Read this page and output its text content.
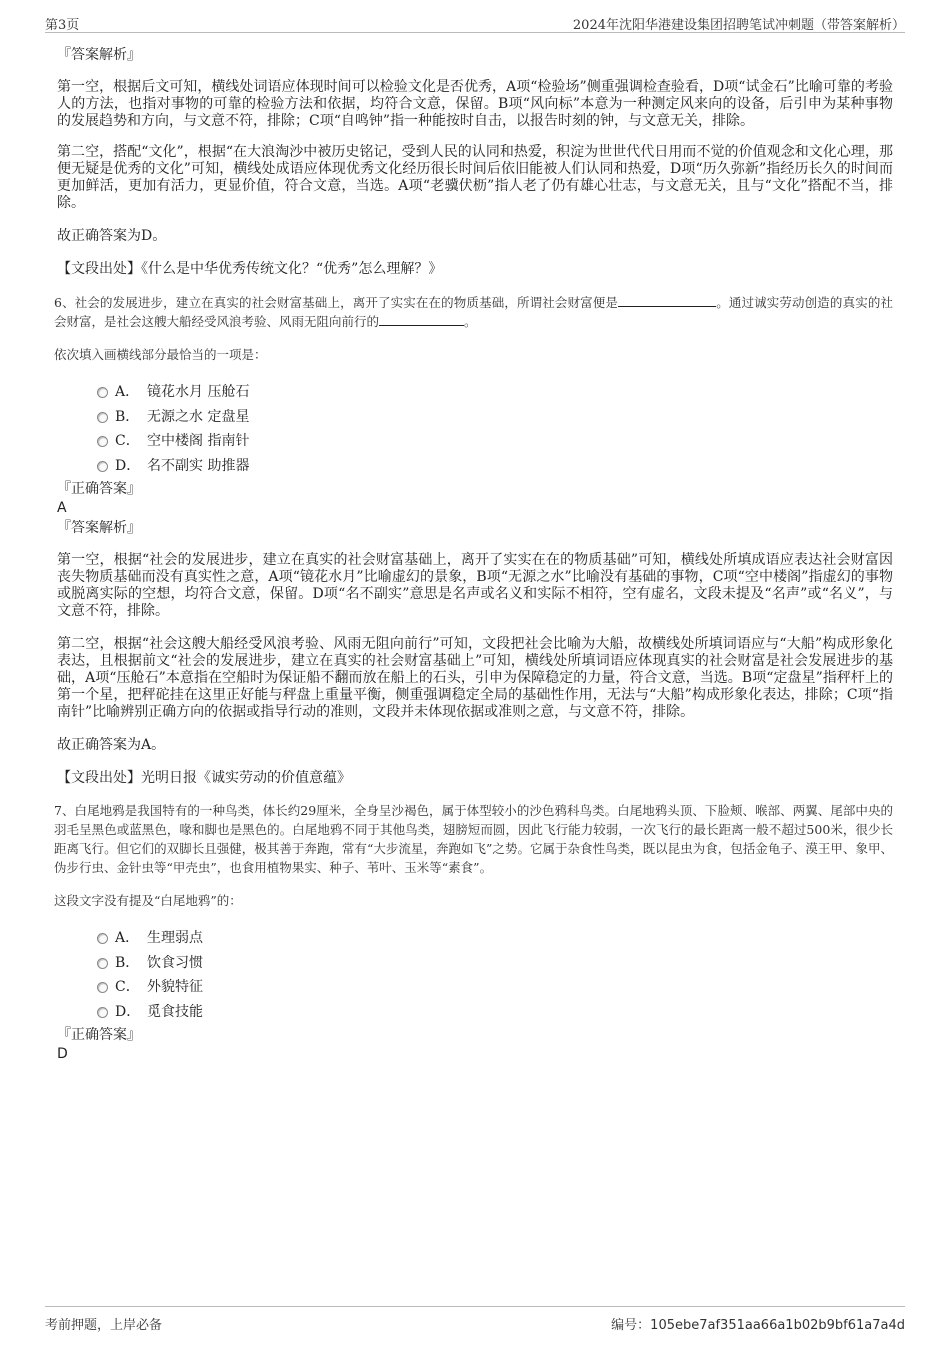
第3页	2024年沈阳华港建设集团招聘笔试冲刺题（带答案解析）

『答案解析』

第一空，根据后文可知，横线处词语应体现时间可以检验文化是否优秀，A项“检验场”侧重强调检查验看，D项“试金石”比喻可靠的考验人的方法，也指对事物的可靠的检验方法和依据，均符合文意，保留。B项“风向标”本意为一种测定风来向的设备，后引申为某种事物的发展趋势和方向，与文意不符，排除；C项“自鸣钟”指一种能按时自击，以报告时刻的钟，与文意无关，排除。

第二空，搭配“文化”，根据“在大浪淘沙中被历史铭记，受到人民的认同和热爱，积淀为世世代代日用而不觉的价值观念和文化心理，那便无疑是优秀的文化”可知，横线处成语应体现优秀文化经历很长时间后依旧能被人们认同和热爱，D项“历久弥新”指经历长久的时间而更加鲜活，更加有活力，更显价值，符合文意，当选。A项“老骥伏枥”指人老了仍有雄心壮志，与文意无关，且与“文化”搭配不当，排除。

故正确答案为D。

【文段出处】《什么是中华优秀传统文化？“优秀”怎么理解？》

6、社会的发展进步，建立在真实的社会财富基础上，离开了实实在在的物质基础，所谓社会财富便是	。通过诚实劳动创造的真实的社会财富，是社会这艘大船经受风浪考验、风雨无阻向前行的	。

依次填入画横线部分最恰当的一项是：

A． 镜花水月 压舱石
B． 无源之水 定盘星
C． 空中楼阁 指南针
D． 名不副实 助推器

『正确答案』

A

『答案解析』

第一空，根据“社会的发展进步，建立在真实的社会财富基础上，离开了实实在在的物质基础”可知，横线处所填成语应表达社会财富因丧失物质基础而没有真实性之意，A项“镜花水月”比喻虚幻的景象，B项“无源之水”比喻没有基础的事物，C项“空中楼阁”指虚幻的事物或脱离实际的空想，均符合文意，保留。D项“名不副实”意思是名声或名义和实际不相符，空有虚名，文段未提及“名声”或“名义”，与文意不符，排除。

第二空，根据“社会这艘大船经受风浪考验、风雨无阻向前行”可知，文段把社会比喻为大船，故横线处所填词语应与“大船”构成形象化表达，且根据前文“社会的发展进步，建立在真实的社会财富基础上”可知，横线处所填词语应体现真实的社会财富是社会发展进步的基础，A项“压舱石”本意指在空船时为保证船不翻而放在船上的石头，引申为保障稳定的力量，符合文意，当选。B项“定盘星”指秤杆上的第一个星，把秤砣挂在这里正好能与秤盘上重量平衡，侧重强调稳定全局的基础性作用，无法与“大船”构成形象化表达，排除；C项“指南针”比喻辨别正确方向的依据或指导行动的准则，文段并未体现依据或准则之意，与文意不符，排除。

故正确答案为A。

【文段出处】光明日报《诚实劳动的价值意蕴》

7、白尾地鸦是我国特有的一种鸟类，体长约29厘米，全身呈沙褐色，属于体型较小的沙色鸦科鸟类。白尾地鸦头顶、下脸颊、喉部、两翼、尾部中央的羽毛呈黑色或蓝黑色，喙和脚也是黑色的。白尾地鸦不同于其他鸟类，翅膀短而圆，因此飞行能力较弱，一次飞行的最长距离一般不超过500米，很少长距离飞行。但它们的双脚长且强健，极其善于奔跑，常有“大步流星，奔跑如飞”之势。它属于杂食性鸟类，既以昆虫为食，包括金龟子、漠王甲、象甲、伪步行虫、金针虫等“甲壳虫”，也食用植物果实、种子、苇叶、玉米等“素食”。

这段文字没有提及“白尾地鸦”的：

A． 生理弱点
B． 饮食习惯
C． 外貌特征
D． 觅食技能

『正确答案』

D

考前押题，上岸必备	编号：105ebe7af351aa66a1b02b9bf61a7a4d
